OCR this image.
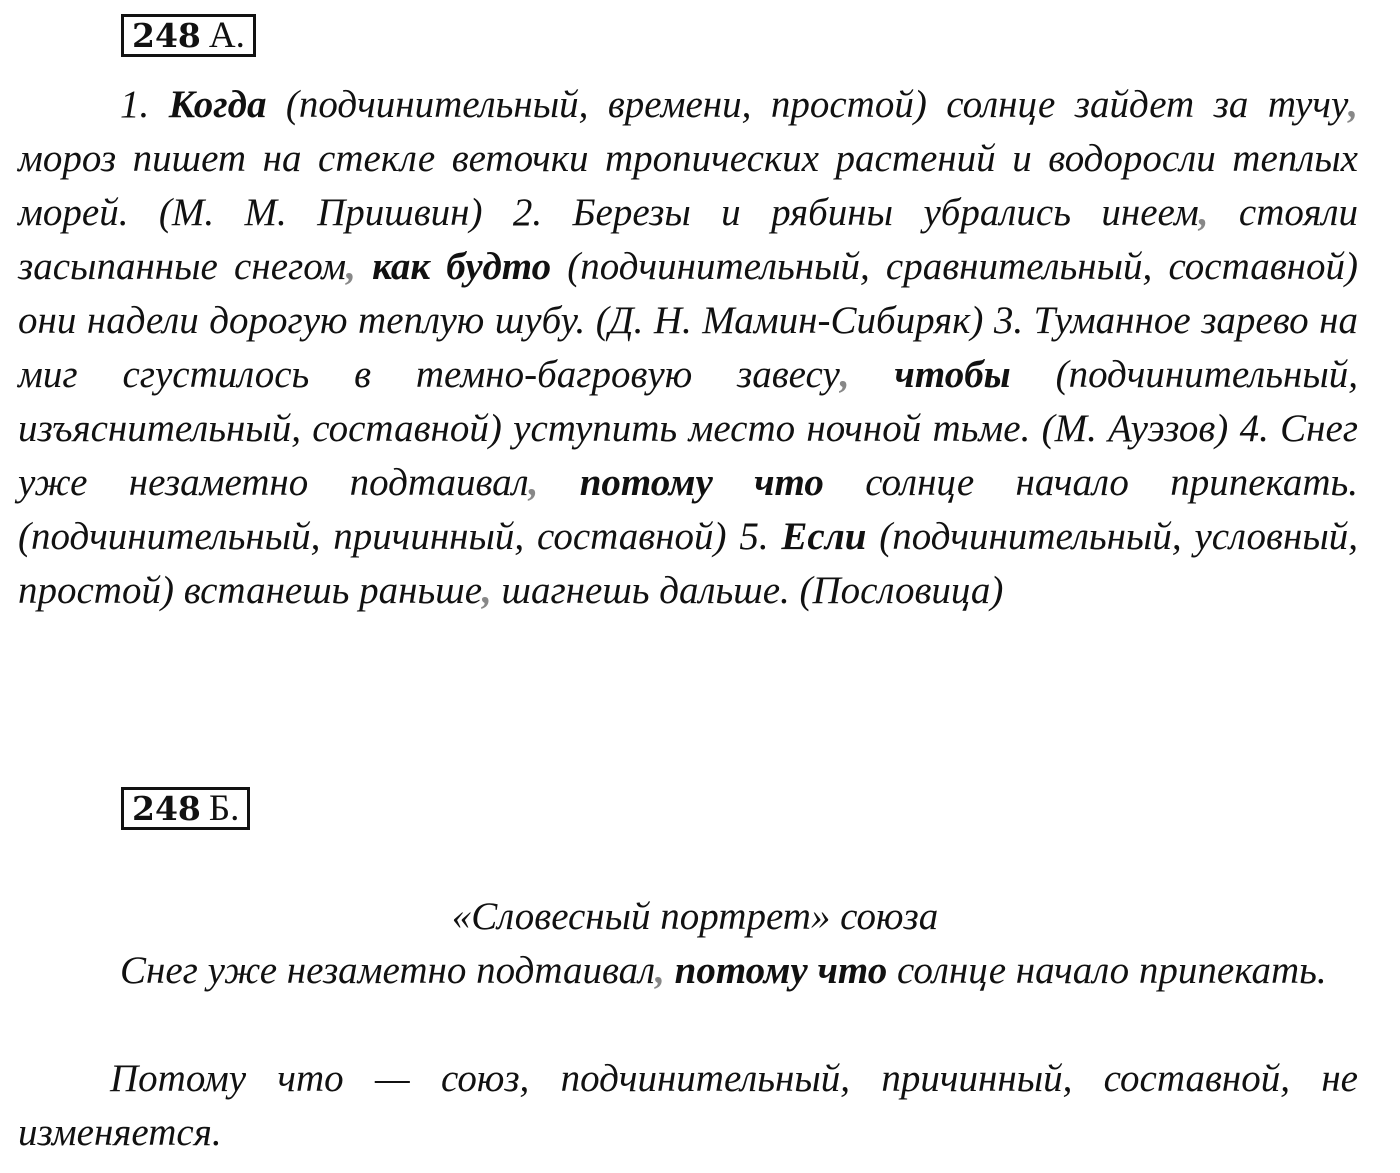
248 А.

1. Когда (подчинительный, времени, простой) солнце зайдет за тучу, мороз пишет на стекле веточки тропических растений и водоросли теплых морей. (М. М. Пришвин) 2. Березы и рябины убрались инеем, стояли засыпанные снегом, как будто (подчинительный, сравнительный, составной) они надели дорогую теплую шубу. (Д. Н. Мамин-Сибиряк) 3. Туманное зарево на миг сгустилось в темно-багровую завесу, чтобы (подчинительный, изъяснительный, составной) уступить место ночной тьме. (М. Ауэзов) 4. Снег уже незаметно подтаивал, потому что солнце начало припекать. (подчинительный, причинный, составной) 5. Если (подчинительный, условный, простой) встанешь раньше, шагнешь дальше. (Пословица)

248 Б.

«Словесный портрет» союза

Снег уже незаметно подтаивал, потому что солнце начало припекать.

Потому что — союз, подчинительный, причинный, составной, не изменяется.
